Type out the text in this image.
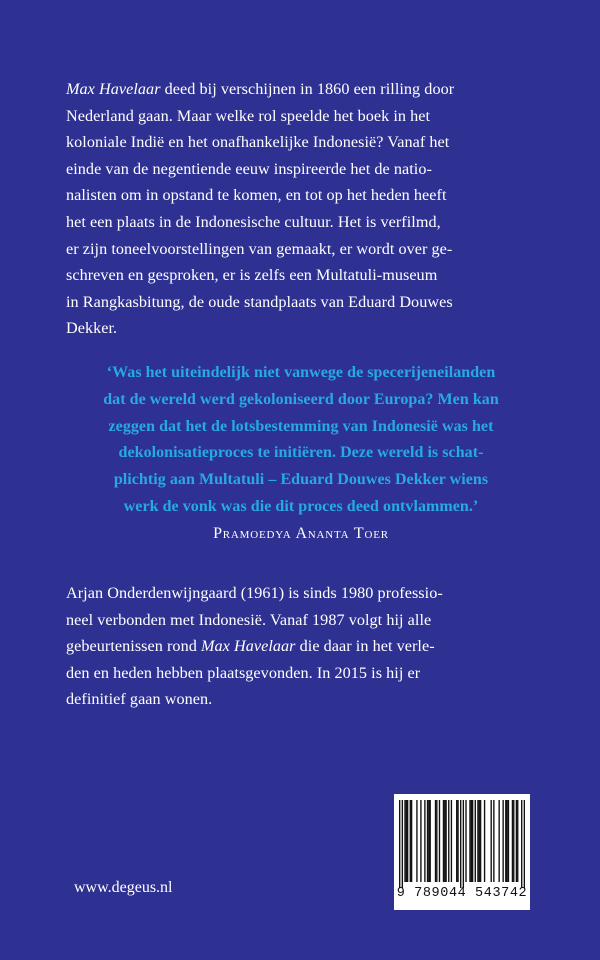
Max Havelaar deed bij verschijnen in 1860 een rilling door
Nederland gaan. Maar welke rol speelde het boek in het
koloniale Indië en het onafhankelijke Indonesië? Vanaf het
einde van de negentiende eeuw inspireerde het de natio-
nalisten om in opstand te komen, en tot op het heden heeft
het een plaats in de Indonesische cultuur. Het is verfilmd,
er zijn toneelvoorstellingen van gemaakt, er wordt over ge-
schreven en gesproken, er is zelfs een Multatuli-museum
in Rangkasbitung, de oude standplaats van Eduard Douwes
Dekker.
‘Was het uiteindelijk niet vanwege de specerijeneilanden
dat de wereld werd gekoloniseerd door Europa? Men kan
zeggen dat het de lotsbestemming van Indonesië was het
dekolonisatieproces te initiëren. Deze wereld is schat-
plichtig aan Multatuli – Eduard Douwes Dekker wiens
werk de vonk was die dit proces deed ontvlammen.’
Pramoedya Ananta Toer
Arjan Onderdenwijngaard (1961) is sinds 1980 professio-
neel verbonden met Indonesië. Vanaf 1987 volgt hij alle
gebeurtenissen rond Max Havelaar die daar in het verle-
den en heden hebben plaatsgevonden. In 2015 is hij er
definitief gaan wonen.
www.degeus.nl	9 789044 543742
